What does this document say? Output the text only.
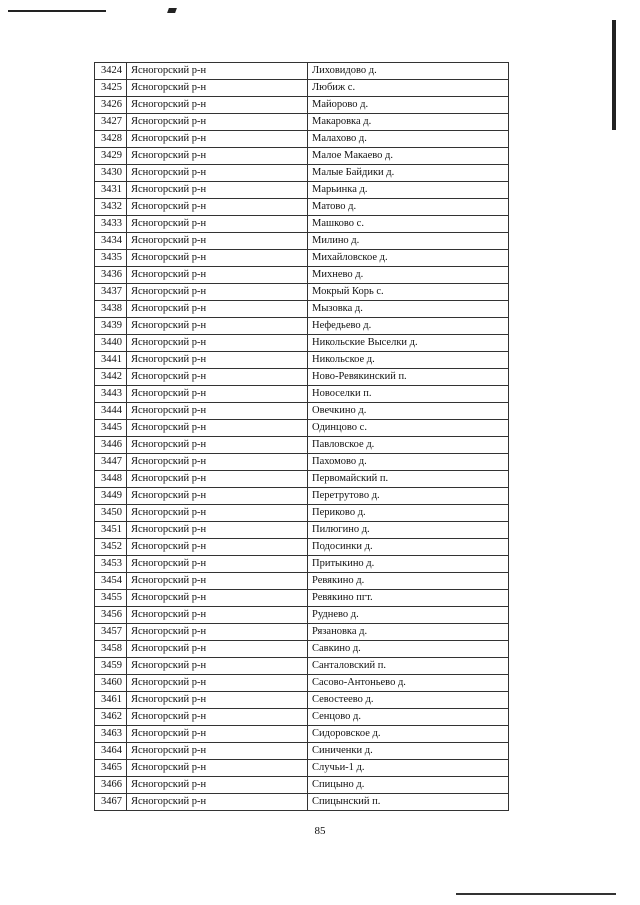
3424	Ясногорский р-н	Лиховидово д.
3425	Ясногорский р-н	Любиж с.
3426	Ясногорский р-н	Майорово д.
3427	Ясногорский р-н	Макаровка д.
3428	Ясногорский р-н	Малахово д.
3429	Ясногорский р-н	Малое Макаево д.
3430	Ясногорский р-н	Малые Байдики д.
3431	Ясногорский р-н	Марьинка д.
3432	Ясногорский р-н	Матово д.
3433	Ясногорский р-н	Машково с.
3434	Ясногорский р-н	Милино д.
3435	Ясногорский р-н	Михайловское д.
3436	Ясногорский р-н	Михнево д.
3437	Ясногорский р-н	Мокрый Корь с.
3438	Ясногорский р-н	Мызовка д.
3439	Ясногорский р-н	Нефедьево д.
3440	Ясногорский р-н	Никольские Выселки д.
3441	Ясногорский р-н	Никольское д.
3442	Ясногорский р-н	Ново-Ревякинский п.
3443	Ясногорский р-н	Новоселки п.
3444	Ясногорский р-н	Овечкино д.
3445	Ясногорский р-н	Одинцово с.
3446	Ясногорский р-н	Павловское д.
3447	Ясногорский р-н	Пахомово д.
3448	Ясногорский р-н	Первомайский п.
3449	Ясногорский р-н	Перетрутово д.
3450	Ясногорский р-н	Периково д.
3451	Ясногорский р-н	Пилюгино д.
3452	Ясногорский р-н	Подосинки д.
3453	Ясногорский р-н	Притыкино д.
3454	Ясногорский р-н	Ревякино д.
3455	Ясногорский р-н	Ревякино пгт.
3456	Ясногорский р-н	Руднево д.
3457	Ясногорский р-н	Рязановка д.
3458	Ясногорский р-н	Савкино д.
3459	Ясногорский р-н	Санталовский п.
3460	Ясногорский р-н	Сасово-Антоньево д.
3461	Ясногорский р-н	Севостеево д.
3462	Ясногорский р-н	Сенцово д.
3463	Ясногорский р-н	Сидоровское д.
3464	Ясногорский р-н	Синиченки д.
3465	Ясногорский р-н	Случьи-1 д.
3466	Ясногорский р-н	Спицыно д.
3467	Ясногорский р-н	Спицынский п.
85
